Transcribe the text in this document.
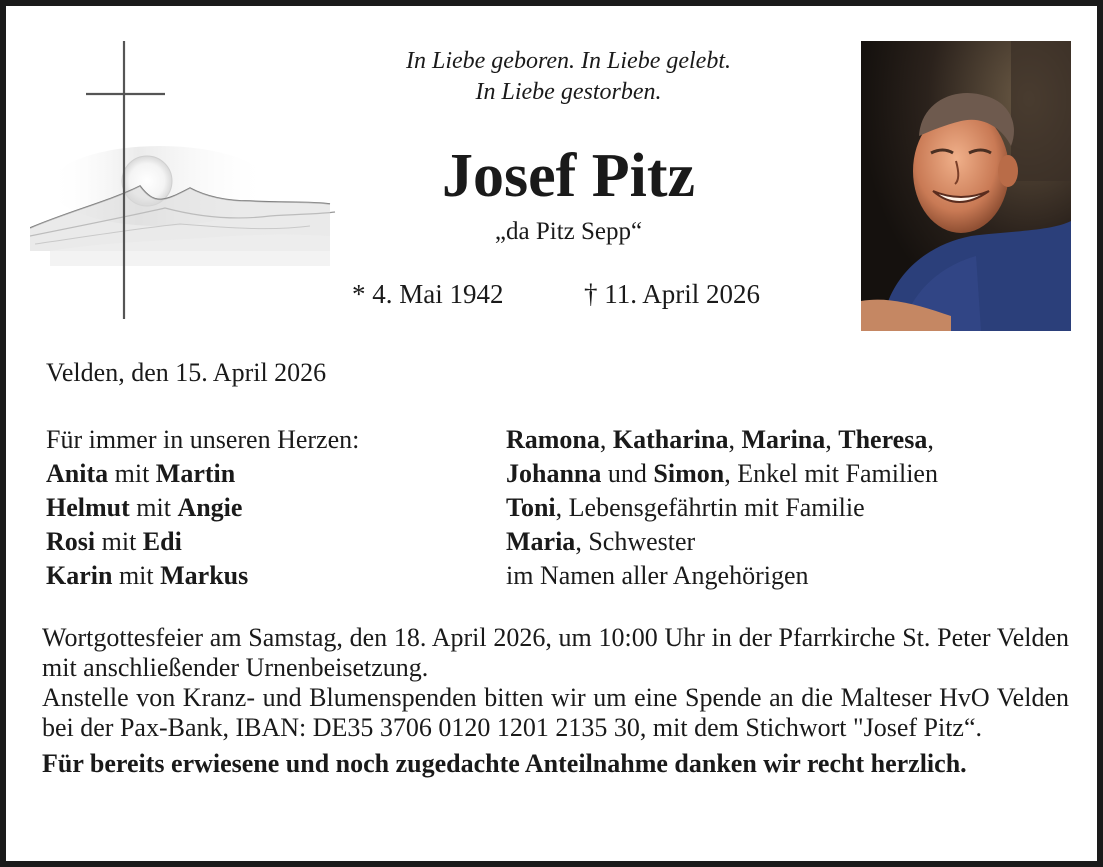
In Liebe geboren. In Liebe gelebt.
In Liebe gestorben.
Josef Pitz
„da Pitz Sepp“
* 4. Mai 1942	† 11. April 2026
Velden, den 15. April 2026
Für immer in unseren Herzen:
Anita mit Martin
Helmut mit Angie
Rosi mit Edi
Karin mit Markus
Ramona, Katharina, Marina, Theresa,
Johanna und Simon, Enkel mit Familien
Toni, Lebensgefährtin mit Familie
Maria, Schwester
im Namen aller Angehörigen

Wortgottesfeier am Samstag, den 18. April 2026, um 10:00 Uhr in der Pfarrkirche St. Peter Velden mit anschließender Urnenbeisetzung.

Anstelle von Kranz- und Blumenspenden bitten wir um eine Spende an die Malteser HvO Velden bei der Pax-Bank, IBAN: DE35 3706 0120 1201 2135 30, mit dem Stichwort "Josef Pitz“.

Für bereits erwiesene und noch zugedachte Anteilnahme danken wir recht herzlich.
